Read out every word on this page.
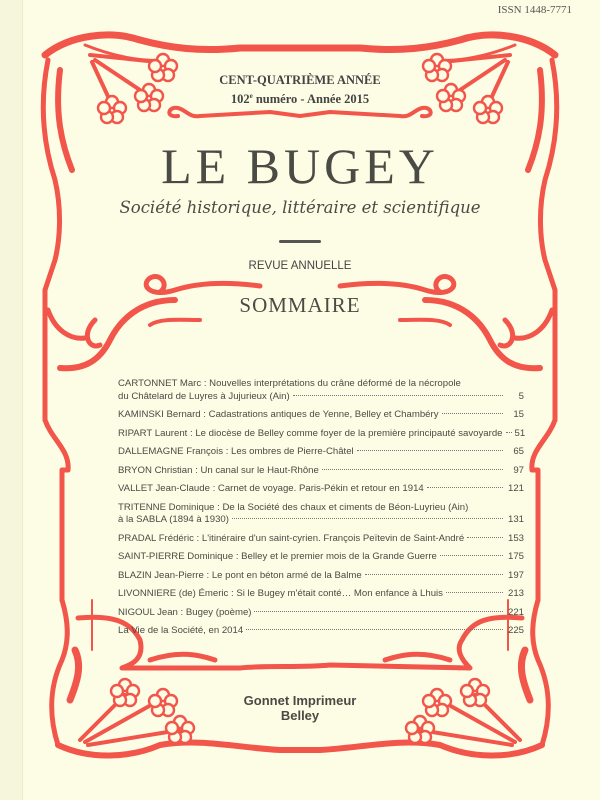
ISSN 1448-7771
CENT-QUATRIÈME ANNÉE
102e numéro - Année 2015
LE BUGEY
Société historique, littéraire et scientifique
REVUE ANNUELLE
SOMMAIRE
CARTONNET Marc : Nouvelles interprétations du crâne déformé de la nécropole
du Châtelard de Luyres à Jujurieux (Ain)	5
KAMINSKI Bernard : Cadastrations antiques de Yenne, Belley et Chambéry	15
RIPART Laurent : Le diocèse de Belley comme foyer de la première principauté savoyarde 51
DALLEMAGNE François : Les ombres de Pierre-Châtel	65
BRYON Christian : Un canal sur le Haut-Rhône	97
VALLET Jean-Claude : Carnet de voyage. Paris-Pékin et retour en 1914	121
TRITENNE Dominique : De la Société des chaux et ciments de Béon-Luyrieu (Ain)
à la SABLA (1894 à 1930)	131
PRADAL Frédéric : L'itinéraire d'un saint-cyrien. François Peïtevin de Saint-André	153
SAINT-PIERRE Dominique : Belley et le premier mois de la Grande Guerre	175
BLAZIN Jean-Pierre : Le pont en béton armé de la Balme	197
LIVONNIERE (de) Émeric : Si le Bugey m'était conté… Mon enfance à Lhuis	213
NIGOUL Jean : Bugey (poème)	221
La Vie de la Société, en 2014	225
Gonnet Imprimeur
Belley
